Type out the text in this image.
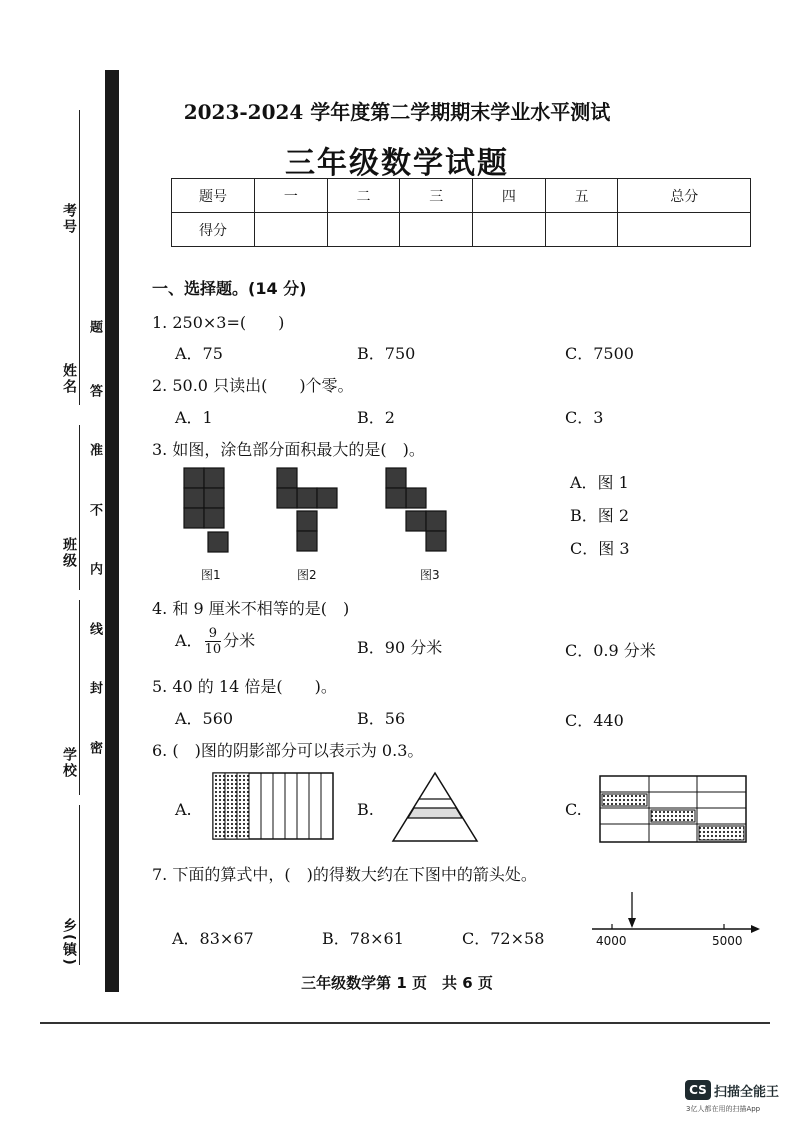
考号
姓名
班级
学校
乡(镇)
题
答
准
不
内
线
封
密
2023-2024 学年度第二学期期末学业水平测试
三年级数学试题
题号	一	二	三	四	五	总分
得分						
一、选择题。(14 分)
1. 250×3=(　　)
A．75	B．750	C．7500
2. 50.0 只读出(　　)个零。
A．1	B．2	C．3
3. 如图，涂色部分面积最大的是(　)。
图1	图2	图3
A．图 1
B．图 2
C．图 3
4. 和 9 厘米不相等的是(　)
A． $\frac{9}{10}$ 分米	B．90 分米	C．0.9 分米
5. 40 的 14 倍是(　　)。
A．560	B．56	C．440
6. (　)图的阴影部分可以表示为 0.3。
A.	B.	C.
7. 下面的算式中，(　)的得数大约在下图中的箭头处。
A．83×67	B．78×61	C．72×58	4000	5000
三年级数学第 1 页　共 6 页
CS 扫描全能王
3亿人都在用的扫描App
